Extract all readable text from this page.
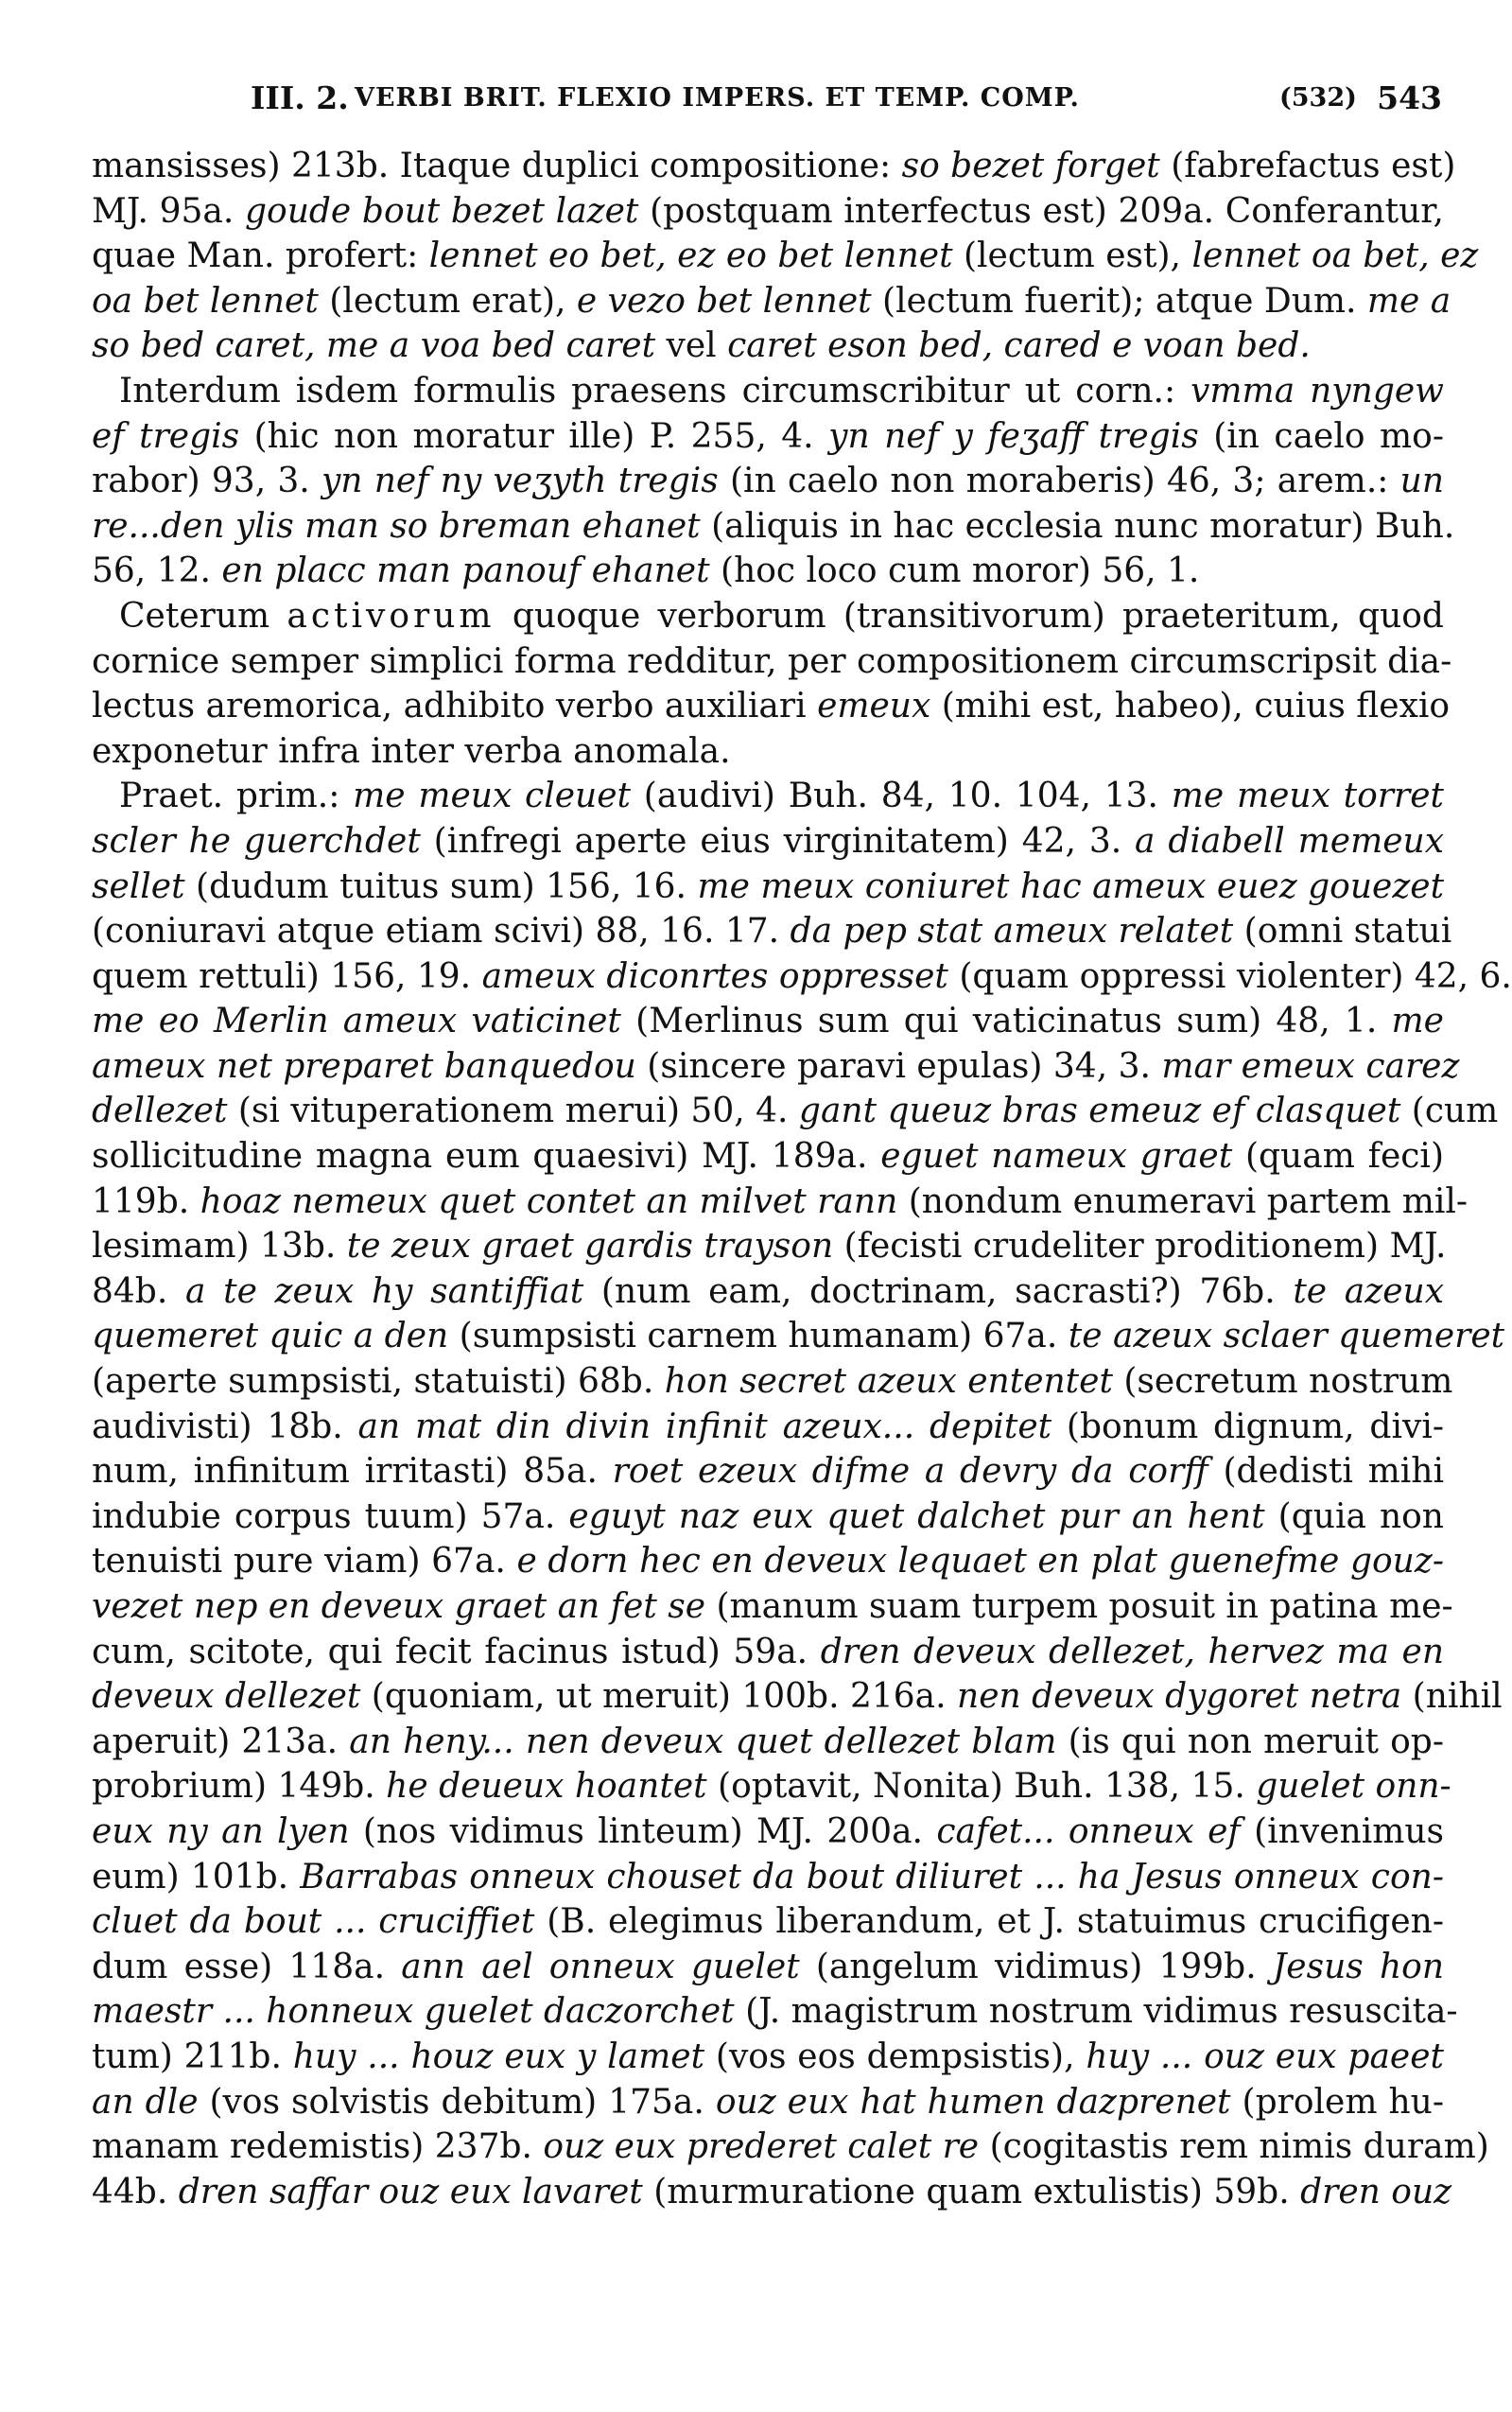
III. 2. VERBI BRIT. FLEXIO IMPERS. ET TEMP. COMP.	(532) 543
mansisses) 213b. Itaque duplici compositione: so bezet forget (fabrefactus est)
MJ. 95a. goude bout bezet lazet (postquam interfectus est) 209a. Conferantur,
quae Man. profert: lennet eo bet, ez eo bet lennet (lectum est), lennet oa bet, ez
oa bet lennet (lectum erat), e vezo bet lennet (lectum fuerit); atque Dum. me a
so bed caret, me a voa bed caret vel caret eson bed, cared e voan bed.
Interdum isdem formulis praesens circumscribitur ut corn.: vmma nyngew
ef tregis (hic non moratur ille) P. 255, 4. yn nef y feʒaff tregis (in caelo mo-
rabor) 93, 3. yn nef ny veʒyth tregis (in caelo non moraberis) 46, 3; arem.: un
re...den ylis man so breman ehanet (aliquis in hac ecclesia nunc moratur) Buh.
56, 12. en placc man panouf ehanet (hoc loco cum moror) 56, 1.
Ceterum activorum quoque verborum (transitivorum) praeteritum, quod
cornice semper simplici forma redditur, per compositionem circumscripsit dia-
lectus aremorica, adhibito verbo auxiliari emeux (mihi est, habeo), cuius flexio
exponetur infra inter verba anomala.
Praet. prim.: me meux cleuet (audivi) Buh. 84, 10. 104, 13. me meux torret
scler he guerchdet (infregi aperte eius virginitatem) 42, 3. a diabell memeux
sellet (dudum tuitus sum) 156, 16. me meux coniuret hac ameux euez gouezet
(coniuravi atque etiam scivi) 88, 16. 17. da pep stat ameux relatet (omni statui
quem rettuli) 156, 19. ameux diconrtes oppresset (quam oppressi violenter) 42, 6.
me eo Merlin ameux vaticinet (Merlinus sum qui vaticinatus sum) 48, 1. me
ameux net preparet banquedou (sincere paravi epulas) 34, 3. mar emeux carez
dellezet (si vituperationem merui) 50, 4. gant queuz bras emeuz ef clasquet (cum
sollicitudine magna eum quaesivi) MJ. 189a. eguet nameux graet (quam feci)
119b. hoaz nemeux quet contet an milvet rann (nondum enumeravi partem mil-
lesimam) 13b. te zeux graet gardis trayson (fecisti crudeliter proditionem) MJ.
84b. a te zeux hy santiffiat (num eam, doctrinam, sacrasti?) 76b. te azeux
quemeret quic a den (sumpsisti carnem humanam) 67a. te azeux sclaer quemeret
(aperte sumpsisti, statuisti) 68b. hon secret azeux ententet (secretum nostrum
audivisti) 18b. an mat din divin infinit azeux... depitet (bonum dignum, divi-
num, infinitum irritasti) 85a. roet ezeux difme a devry da corff (dedisti mihi
indubie corpus tuum) 57a. eguyt naz eux quet dalchet pur an hent (quia non
tenuisti pure viam) 67a. e dorn hec en deveux lequaet en plat guenefme gouz-
vezet nep en deveux graet an fet se (manum suam turpem posuit in patina me-
cum, scitote, qui fecit facinus istud) 59a. dren deveux dellezet, hervez ma en
deveux dellezet (quoniam, ut meruit) 100b. 216a. nen deveux dygoret netra (nihil
aperuit) 213a. an heny... nen deveux quet dellezet blam (is qui non meruit op-
probrium) 149b. he deueux hoantet (optavit, Nonita) Buh. 138, 15. guelet onn-
eux ny an lyen (nos vidimus linteum) MJ. 200a. cafet... onneux ef (invenimus
eum) 101b. Barrabas onneux chouset da bout diliuret ... ha Jesus onneux con-
cluet da bout ... cruciffiet (B. elegimus liberandum, et J. statuimus crucifigen-
dum esse) 118a. ann ael onneux guelet (angelum vidimus) 199b. Jesus hon
maestr ... honneux guelet daczorchet (J. magistrum nostrum vidimus resuscita-
tum) 211b. huy ... houz eux y lamet (vos eos dempsistis), huy ... ouz eux paeet
an dle (vos solvistis debitum) 175a. ouz eux hat humen dazprenet (prolem hu-
manam redemistis) 237b. ouz eux prederet calet re (cogitastis rem nimis duram)
44b. dren saffar ouz eux lavaret (murmuratione quam extulistis) 59b. dren ouz
